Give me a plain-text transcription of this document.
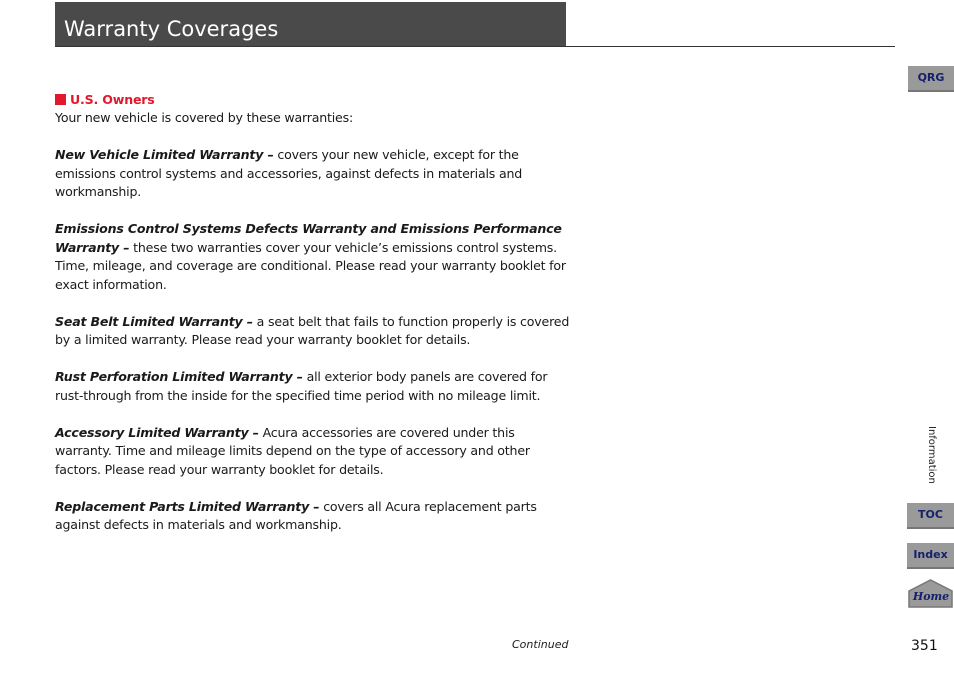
Warranty Coverages
U.S. Owners

Your new vehicle is covered by these warranties:

New Vehicle Limited Warranty – covers your new vehicle, except for the emissions control systems and accessories, against defects in materials and workmanship.

Emissions Control Systems Defects Warranty and Emissions Performance Warranty – these two warranties cover your vehicle’s emissions control systems. Time, mileage, and coverage are conditional. Please read your warranty booklet for exact information.

Seat Belt Limited Warranty – a seat belt that fails to function properly is covered by a limited warranty. Please read your warranty booklet for details.

Rust Perforation Limited Warranty – all exterior body panels are covered for rust-through from the inside for the specified time period with no mileage limit.

Accessory Limited Warranty – Acura accessories are covered under this warranty. Time and mileage limits depend on the type of accessory and other factors. Please read your warranty booklet for details.

Replacement Parts Limited Warranty – covers all Acura replacement parts against defects in materials and workmanship.

QRG
Information
TOC
Index
Home
Continued	351
